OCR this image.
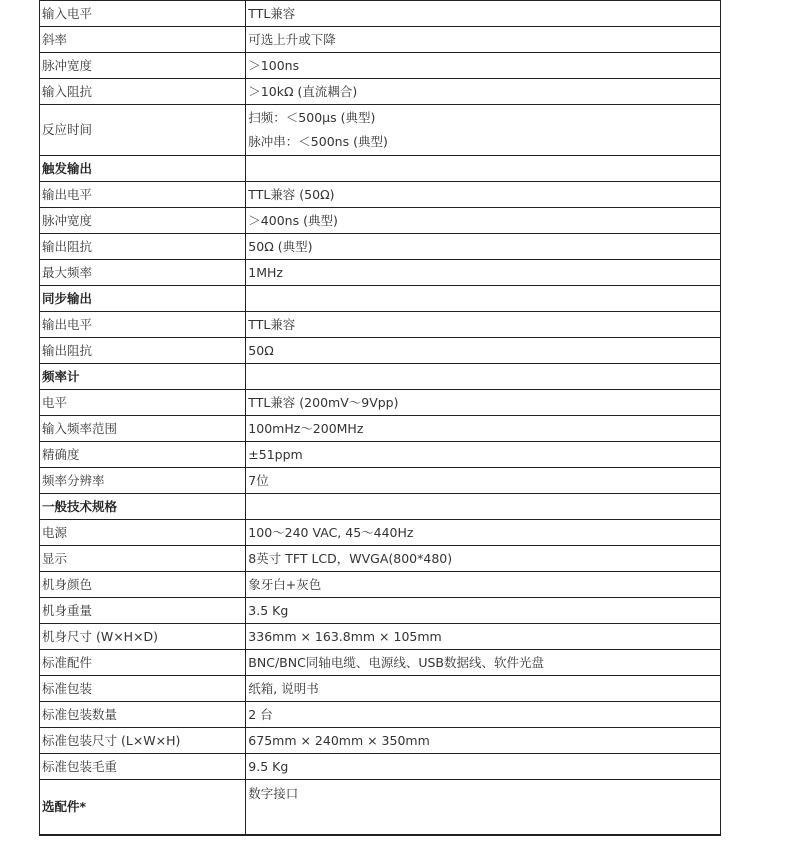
输入电平	TTL兼容
斜率	可选上升或下降
脉冲宽度	＞100ns
输入阻抗	＞10kΩ (直流耦合)
反应时间	扫频：＜500μs (典型)
脉冲串：＜500ns (典型)

触发输出	
输出电平	TTL兼容 (50Ω)
脉冲宽度	＞400ns (典型)
输出阻抗	50Ω (典型)
最大频率	1MHz
同步输出	
输出电平	TTL兼容
输出阻抗	50Ω
频率计	
电平	TTL兼容 (200mV～9Vpp)
输入频率范围	100mHz～200MHz
精确度	±51ppm
频率分辨率	7位
一般技术规格	
电源	100～240 VAC, 45～440Hz
显示	8英寸 TFT LCD，WVGA(800*480)
机身颜色	象牙白+灰色
机身重量	3.5 Kg
机身尺寸 (W×H×D)	336mm × 163.8mm × 105mm
标准配件	BNC/BNC同轴电缆、电源线、USB数据线、软件光盘
标准包装	纸箱, 说明书
标准包装数量	2 台
标准包装尺寸 (L×W×H)	675mm × 240mm × 350mm
标准包装毛重	9.5 Kg
选配件*	数字接口
